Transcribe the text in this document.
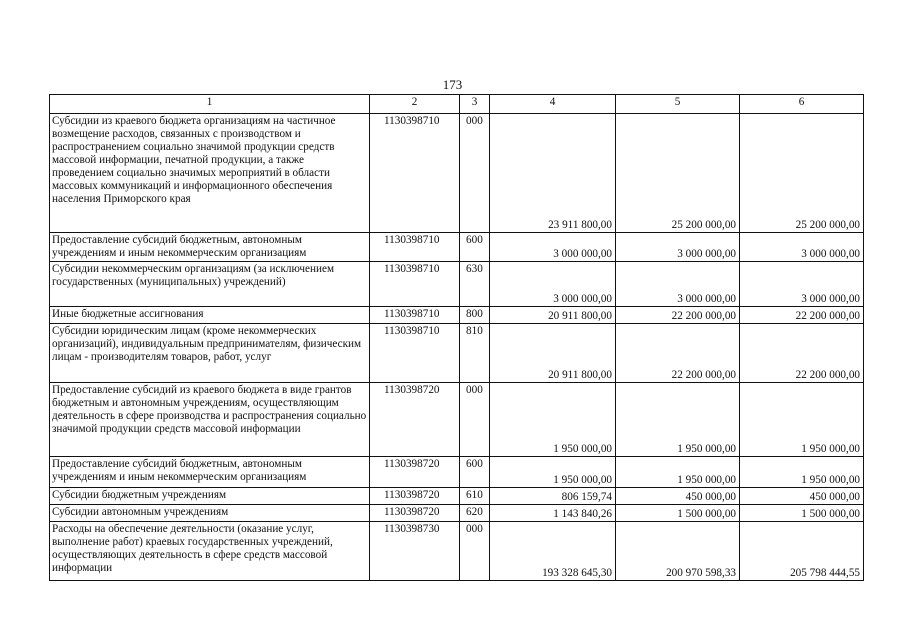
173
1	2	3	4	5	6
Субсидии из краевого бюджета организациям на частичное возмещение расходов, связанных с производством и распространением социально значимой продукции средств массовой информации, печатной продукции, а также проведением социально значимых мероприятий в области массовых коммуникаций и информационного обеспечения населения Приморского края	1130398710	000	23 911 800,00	25 200 000,00	25 200 000,00
Предоставление субсидий бюджетным, автономным учреждениям и иным некоммерческим организациям	1130398710	600	3 000 000,00	3 000 000,00	3 000 000,00
Субсидии некоммерческим организациям (за исключением государственных (муниципальных) учреждений)	1130398710	630	3 000 000,00	3 000 000,00	3 000 000,00
Иные бюджетные ассигнования	1130398710	800	20 911 800,00	22 200 000,00	22 200 000,00
Субсидии юридическим лицам (кроме некоммерческих организаций), индивидуальным предпринимателям, физическим лицам - производителям товаров, работ, услуг	1130398710	810	20 911 800,00	22 200 000,00	22 200 000,00
Предоставление субсидий из краевого бюджета в виде грантов бюджетным и автономным учреждениям, осуществляющим деятельность в сфере производства и распространения социально значимой продукции средств массовой информации	1130398720	000	1 950 000,00	1 950 000,00	1 950 000,00
Предоставление субсидий бюджетным, автономным учреждениям и иным некоммерческим организациям	1130398720	600	1 950 000,00	1 950 000,00	1 950 000,00
Субсидии бюджетным учреждениям	1130398720	610	806 159,74	450 000,00	450 000,00
Субсидии автономным учреждениям	1130398720	620	1 143 840,26	1 500 000,00	1 500 000,00
Расходы на обеспечение деятельности (оказание услуг, выполнение работ) краевых государственных учреждений, осуществляющих деятельность в сфере средств массовой информации	1130398730	000	193 328 645,30	200 970 598,33	205 798 444,55
